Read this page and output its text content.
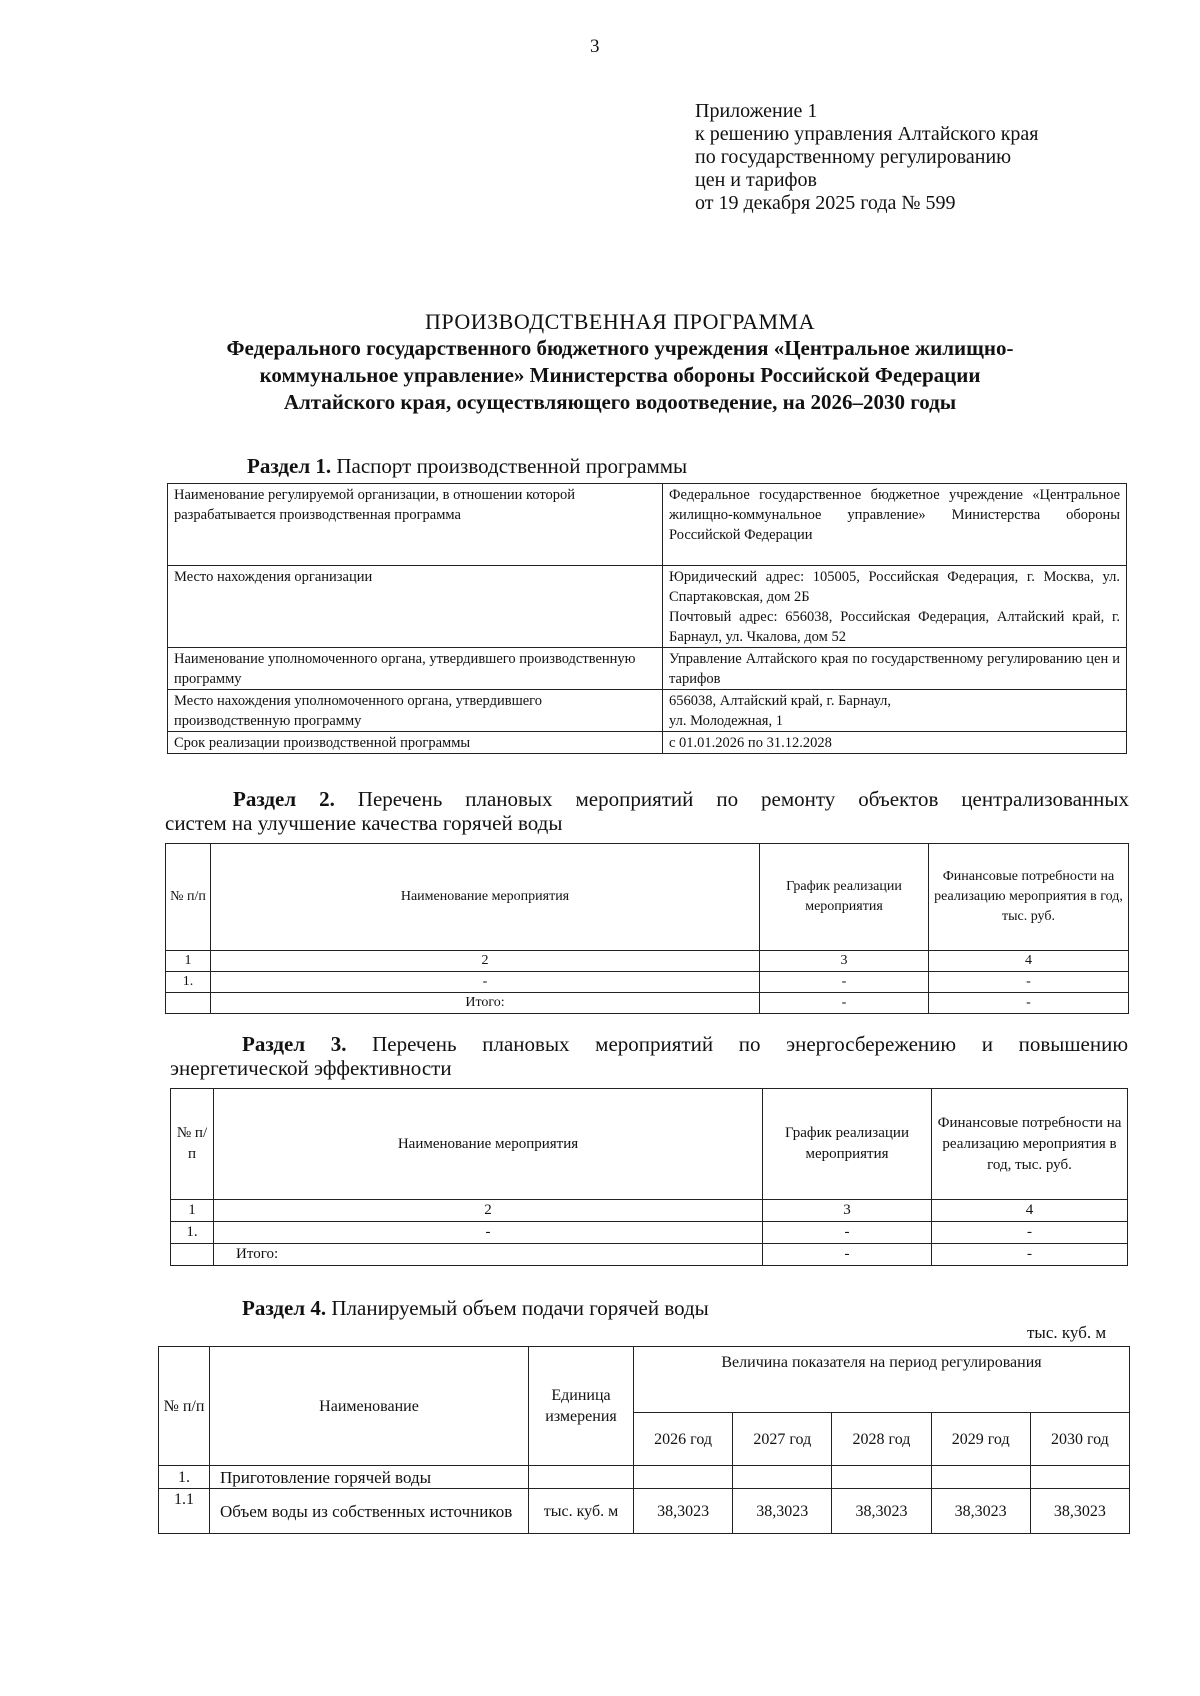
3
Приложение 1
к решению управления Алтайского края
по государственному регулированию
цен и тарифов
от 19 декабря 2025 года № 599
ПРОИЗВОДСТВЕННАЯ ПРОГРАММА
Федерального государственного бюджетного учреждения «Центральное жилищно-
коммунальное управление» Министерства обороны Российской Федерации
Алтайского края, осуществляющего водоотведение, на 2026–2030 годы
Раздел 1. Паспорт производственной программы
Наименование регулируемой организации, в отношении которой разрабатывается производственная программа	Федеральное государственное бюджетное учреждение «Центральное жилищно-коммунальное управление» Министерства обороны Российской Федерации
Место нахождения организации	Юридический адрес: 105005, Российская Федерация, г. Москва, ул. Спартаковская, дом 2Б
Почтовый адрес: 656038, Российская Федерация, Алтайский край, г. Барнаул, ул. Чкалова, дом 52

Наименование уполномоченного органа, утвердившего производственную программу	Управление Алтайского края по государственному регулированию цен и тарифов
Место нахождения уполномоченного органа, утвердившего производственную программу	656038, Алтайский край, г. Барнаул,
ул. Молодежная, 1

Срок реализации производственной программы	с 01.01.2026 по 31.12.2028
Раздел 2. Перечень плановых мероприятий по ремонту объектов централизованных
систем на улучшение качества горячей воды
№ п/п	Наименование мероприятия	График реализации мероприятия	Финансовые потребности на реализацию мероприятия в год, тыс. руб.
1	2	3	4
1.	-	-	-
	Итого:	-	-
Раздел 3. Перечень плановых мероприятий по энергосбережению и повышению
энергетической эффективности
№ п/ п	Наименование мероприятия	График реализации мероприятия	Финансовые потребности на реализацию мероприятия в год, тыс. руб.
1	2	3	4
1.	-	-	-
	Итого:	-	-
Раздел 4. Планируемый объем подачи горячей воды
тыс. куб. м
№ п/п	Наименование	Единица измерения	Величина показателя на период регулирования				
			2026 год	2027 год	2028 год	2029 год	2030 год
1.	Приготовление горячей воды						
1.1	Объем воды из собственных источников	тыс. куб. м	38,3023	38,3023	38,3023	38,3023	38,3023
